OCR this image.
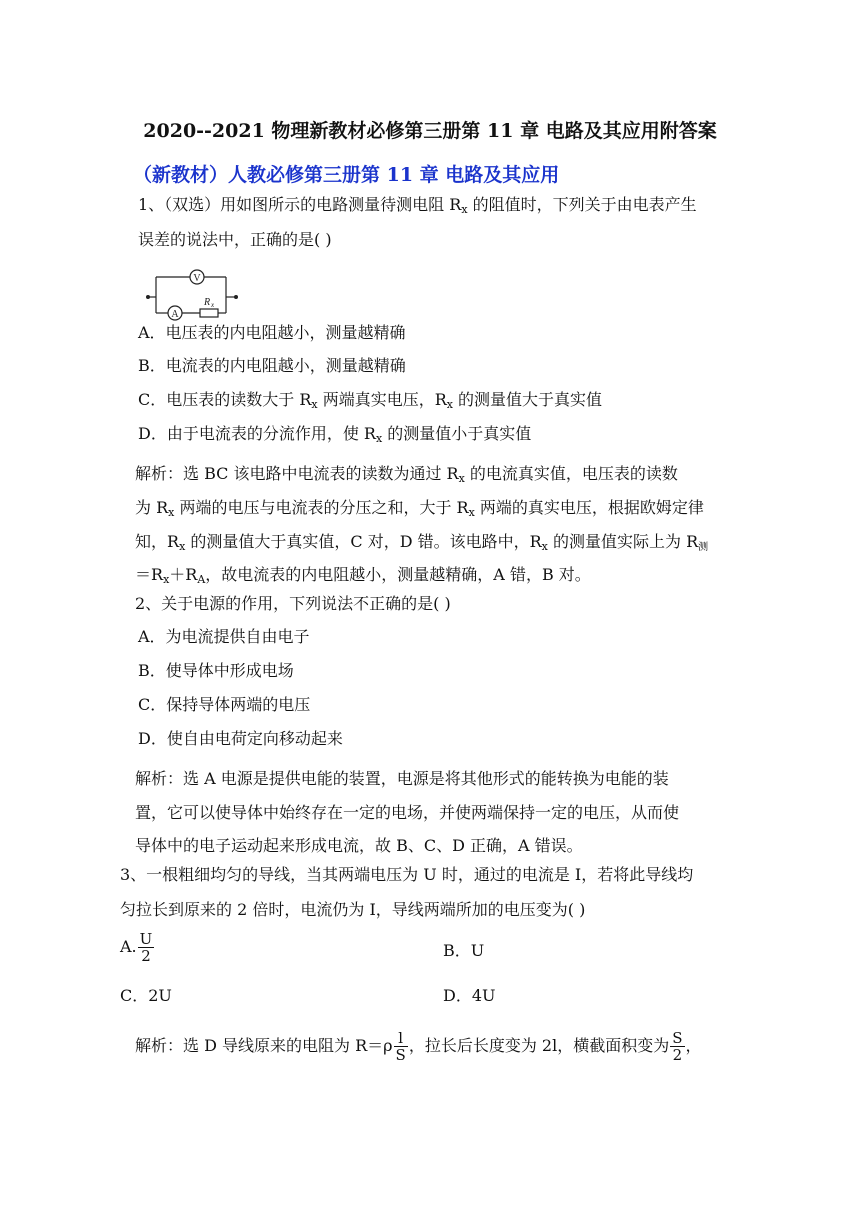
2020--2021 物理新教材必修第三册第 11 章 电路及其应用附答案
（新教材）人教必修第三册第 11 章 电路及其应用
1、（双选）用如图所示的电路测量待测电阻 $R_x$ 的阻值时，下列关于由电表产生
误差的说法中，正确的是( )
V
A
R x
A．电压表的内电阻越小，测量越精确
B．电流表的内电阻越小，测量越精确
C．电压表的读数大于 $R_x$ 两端真实电压，$R_x$ 的测量值大于真实值
D．由于电流表的分流作用，使 $R_x$ 的测量值小于真实值
解析：选 BC 该电路中电流表的读数为通过 $R_x$ 的电流真实值，电压表的读数
为 $R_x$ 两端的电压与电流表的分压之和，大于 $R_x$ 两端的真实电压，根据欧姆定律
知，$R_x$ 的测量值大于真实值，C 对，D 错。该电路中，$R_x$ 的测量值实际上为 $R_测$
$=R_x+R_A$，故电流表的内电阻越小，测量越精确，A 错，B 对。
2、关于电源的作用，下列说法不正确的是( )
A．为电流提供自由电子
B．使导体中形成电场
C．保持导体两端的电压
D．使自由电荷定向移动起来
解析：选 A 电源是提供电能的装置，电源是将其他形式的能转换为电能的装
置，它可以使导体中始终存在一定的电场，并使两端保持一定的电压，从而使
导体中的电子运动起来形成电流，故 B、C、D 正确，A 错误。
3、一根粗细均匀的导线，当其两端电压为 U 时，通过的电流是 I，若将此导线均
匀拉长到原来的 2 倍时，电流仍为 I，导线两端所加的电压变为( )
A. $\frac{U}{2}$	B．U
C．2U	D．4U
解析：选 D 导线原来的电阻为 $R=\rho \frac{l}{S}$ ，拉长后长度变为 2l，横截面积变为 $\frac{S}{2}$ ，
